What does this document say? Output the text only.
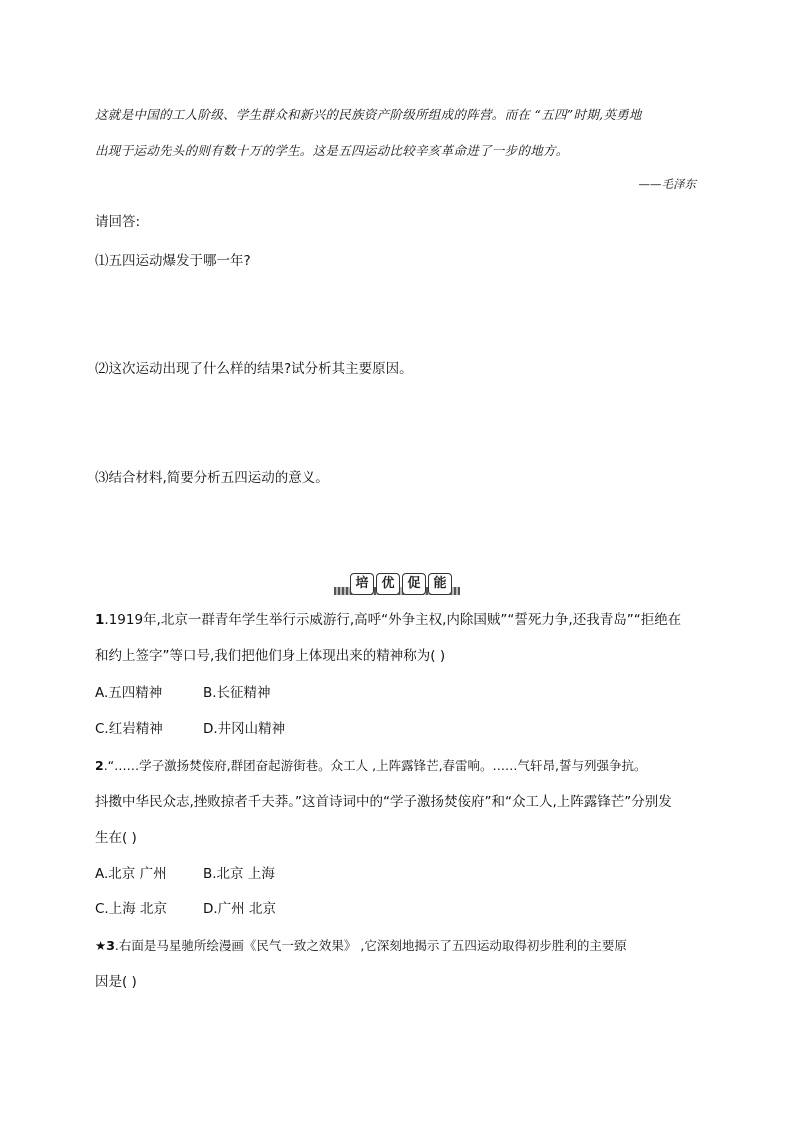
这就是中国的工人阶级、学生群众和新兴的民族资产阶级所组成的阵营。而在 “五四”时期,英勇地
出现于运动先头的则有数十万的学生。这是五四运动比较辛亥革命进了一步的地方。
——毛泽东
请回答:
⑴五四运动爆发于哪一年?
⑵这次运动出现了什么样的结果?试分析其主要原因。
⑶结合材料,简要分析五四运动的意义。
培 优 促 能
1.1919年,北京一群青年学生举行示威游行,高呼“外争主权,内除国贼”“誓死力争,还我青岛”“拒绝在
和约上签字”等口号,我们把他们身上体现出来的精神称为( )
A.五四精神	B.长征精神
C.红岩精神	D.井冈山精神
2.“……学子激扬焚侫府,群团奋起游街巷。众工人 ,上阵露锋芒,春雷响。……气轩昂,誓与列强争抗。
抖擞中华民众志,挫败掠者千夫莽。”这首诗词中的“学子激扬焚侫府”和“众工人,上阵露锋芒”分别发
生在( )
A.北京 广州	B.北京 上海
C.上海 北京	D.广州 北京
★3.右面是马星驰所绘漫画《民气一致之效果》 ,它深刻地揭示了五四运动取得初步胜利的主要原
因是( )
